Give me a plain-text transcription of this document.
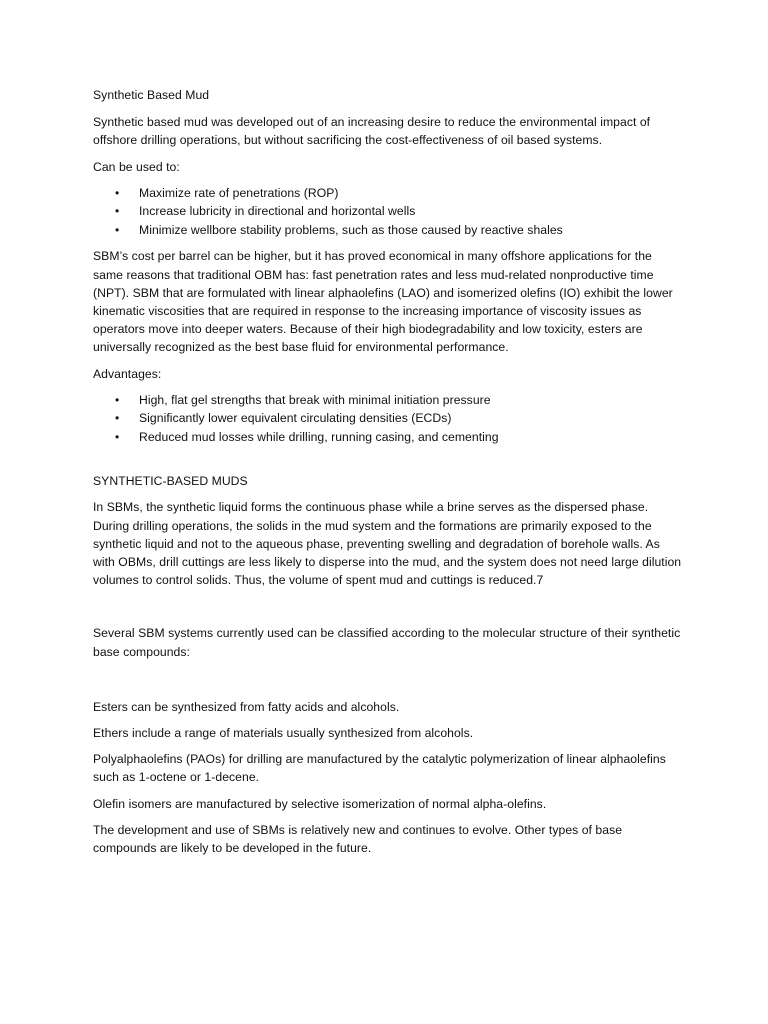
Synthetic Based Mud

Synthetic based mud was developed out of an increasing desire to reduce the environmental impact of offshore drilling operations, but without sacrificing the cost-effectiveness of oil based systems.

Can be used to:

• Maximize rate of penetrations (ROP)
• Increase lubricity in directional and horizontal wells
• Minimize wellbore stability problems, such as those caused by reactive shales

SBM’s cost per barrel can be higher, but it has proved economical in many offshore applications for the same reasons that traditional OBM has: fast penetration rates and less mud-related nonproductive time (NPT). SBM that are formulated with linear alphaolefins (LAO) and isomerized olefins (IO) exhibit the lower kinematic viscosities that are required in response to the increasing importance of viscosity issues as operators move into deeper waters. Because of their high biodegradability and low toxicity, esters are universally recognized as the best base fluid for environmental performance.

Advantages:

• High, flat gel strengths that break with minimal initiation pressure
• Significantly lower equivalent circulating densities (ECDs)
• Reduced mud losses while drilling, running casing, and cementing

SYNTHETIC-BASED MUDS

In SBMs, the synthetic liquid forms the continuous phase while a brine serves as the dispersed phase. During drilling operations, the solids in the mud system and the formations are primarily exposed to the synthetic liquid and not to the aqueous phase, preventing swelling and degradation of borehole walls. As with OBMs, drill cuttings are less likely to disperse into the mud, and the system does not need large dilution volumes to control solids. Thus, the volume of spent mud and cuttings is reduced.7

Several SBM systems currently used can be classified according to the molecular structure of their synthetic base compounds:

Esters can be synthesized from fatty acids and alcohols.

Ethers include a range of materials usually synthesized from alcohols.

Polyalphaolefins (PAOs) for drilling are manufactured by the catalytic polymerization of linear alphaolefins such as 1-octene or 1-decene.

Olefin isomers are manufactured by selective isomerization of normal alpha-olefins.

The development and use of SBMs is relatively new and continues to evolve. Other types of base compounds are likely to be developed in the future.
